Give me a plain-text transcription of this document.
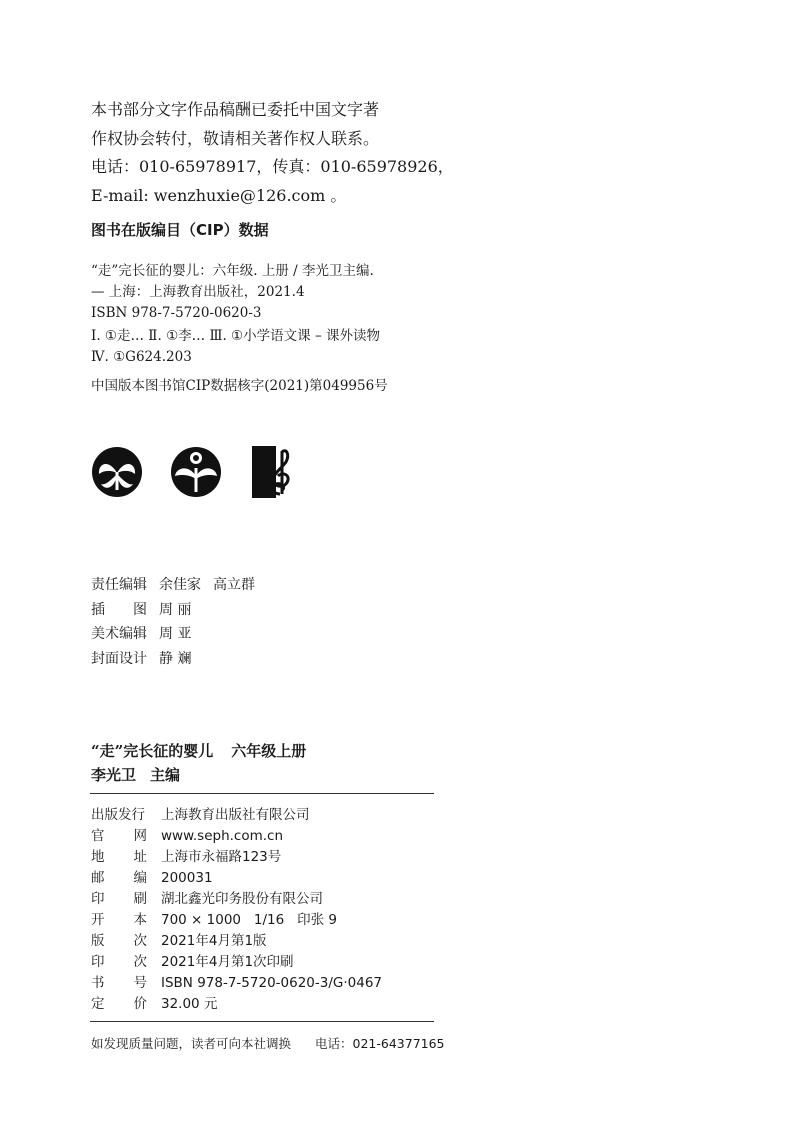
本书部分文字作品稿酬已委托中国文字著
作权协会转付，敬请相关著作权人联系。
电话：010-65978917，传真：010-65978926，
E-mail: wenzhuxie@126.com 。
图书在版编目（CIP）数据
“走”完长征的婴儿：六年级. 上册 / 李光卫主编.
— 上海：上海教育出版社，2021.4
ISBN 978-7-5720-0620-3
Ⅰ. ①走… Ⅱ. ①李… Ⅲ. ①小学语文课 – 课外读物
Ⅳ. ①G624.203
中国版本图书馆CIP数据核字(2021)第049956号
责任编辑 余佳家 高立群
插 图 周 丽
美术编辑 周 亚
封面设计 静 斓
“走”完长征的婴儿 六年级上册
李光卫 主编
出版发行 上海教育出版社有限公司
官 网 www.seph.com.cn
地 址 上海市永福路123号
邮 编 200031
印 刷 湖北鑫光印务股份有限公司
开 本 700 × 1000   1/16   印张 9
版 次 2021年4月第1版
印 次 2021年4月第1次印刷
书 号 ISBN 978-7-5720-0620-3/G·0467
定 价 32.00 元
如发现质量问题，读者可向本社调换 电话：021-64377165
